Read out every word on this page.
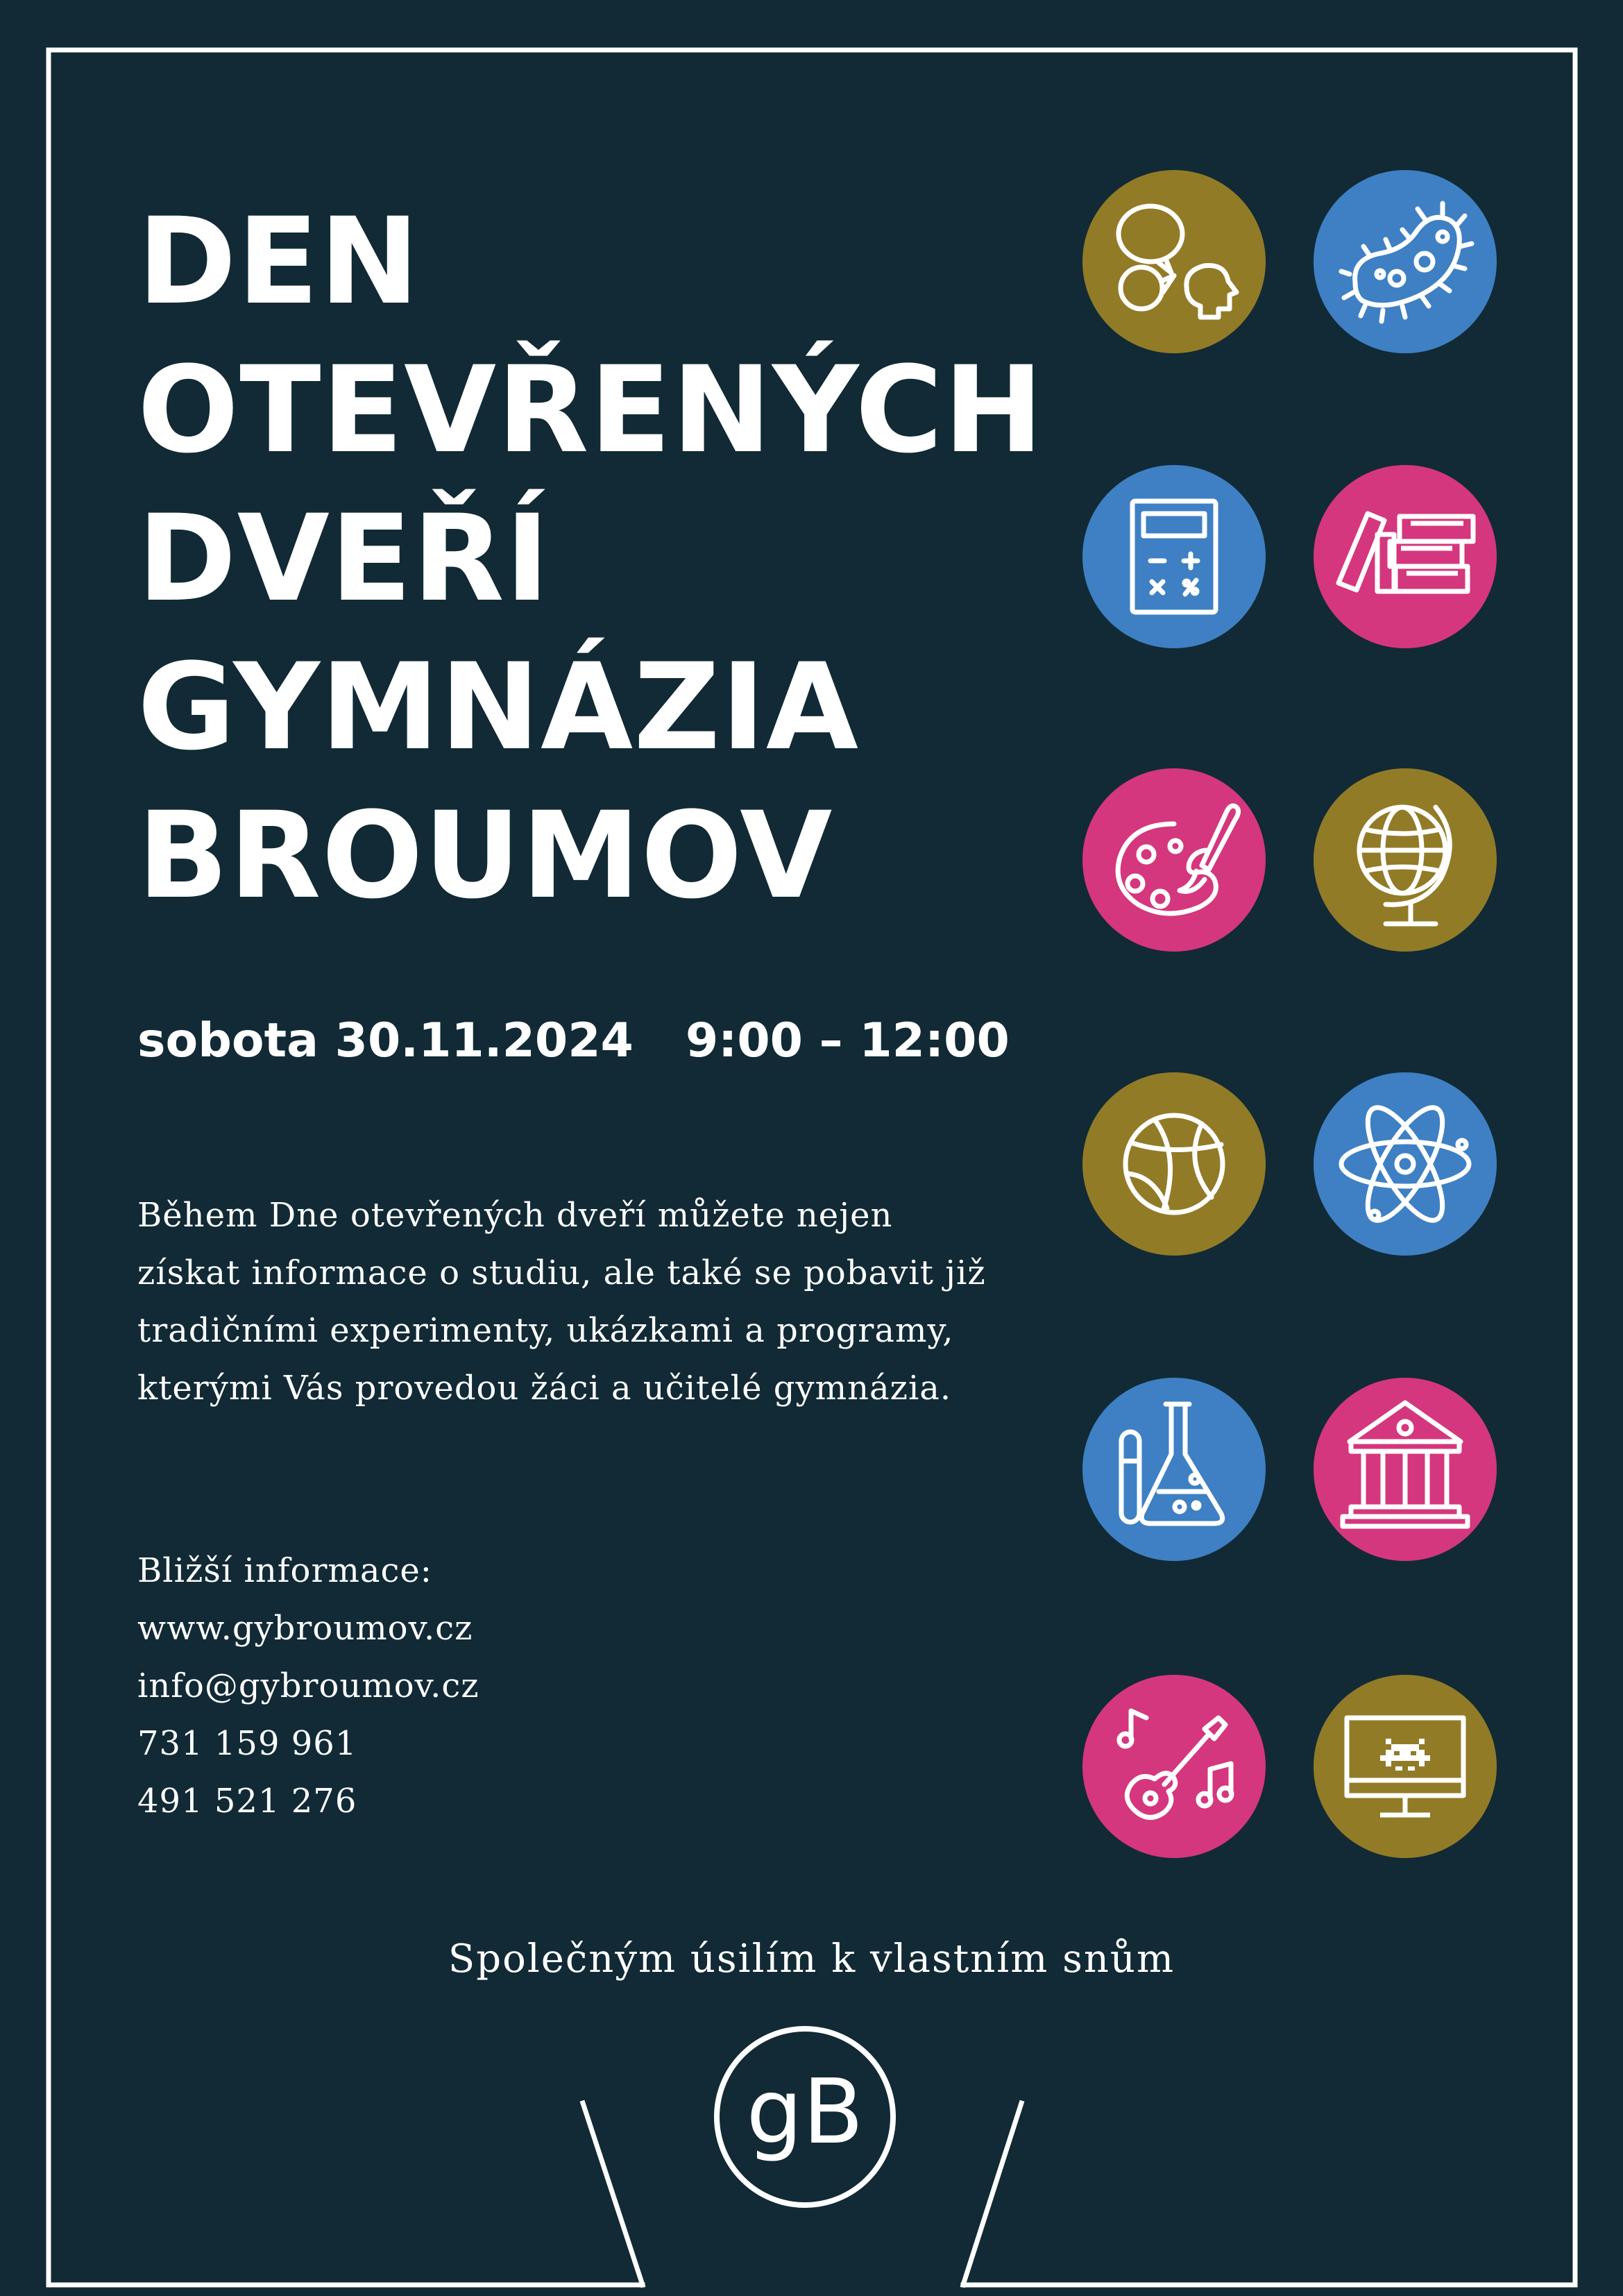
DEN
OTEVŘENÝCH
DVEŘÍ
GYMNÁZIA
BROUMOV
sobota 30.11.2024 9:00 – 12:00
Během Dne otevřených dveří můžete nejen získat informace o studiu, ale také se pobavit již tradičními experimenty, ukázkami a programy, kterými Vás provedou žáci a učitelé gymnázia.
Bližší informace:
www.gybroumov.cz
info@gybroumov.cz
731 159 961
491 521 276
Společným úsilím k vlastním snům
gB
